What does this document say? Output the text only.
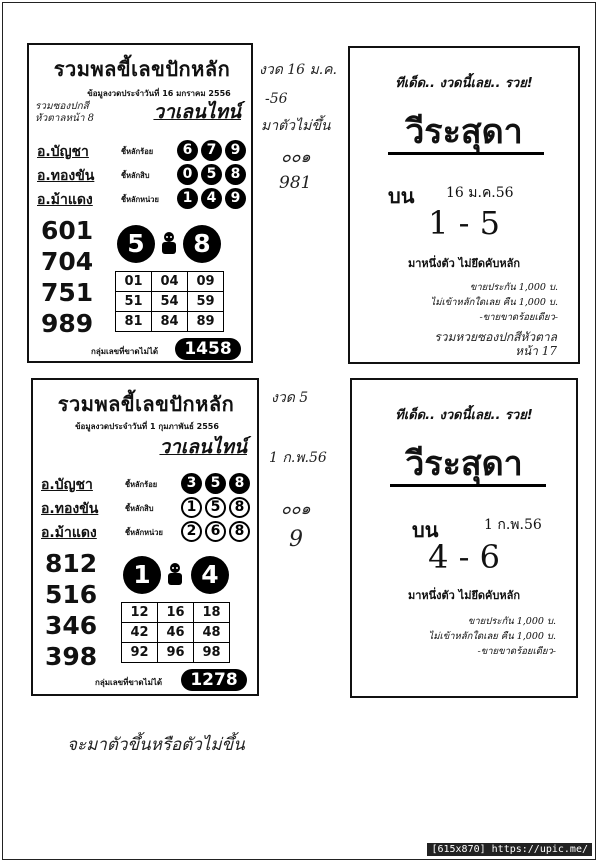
รวมพลขี้เลขปักหลัก
ข้อมูลงวดประจำวันที่ 16 มกราคม 2556
รวมซองปกสี
หัวตาลหน้า 8	วาเลนไทน์
อ.บัญชา	ชี้หลักร้อย	6	7	9
อ.ทองขัน	ชี้หลักสิบ	0	5	8
อ.ม้าแดง	ชี้หลักหน่วย	1	4	9
601
704
751
989
5	8
01	04	09
51	54	59
81	84	89
กลุ่มเลขที่ขาดไม่ได้	1458
รวมพลขี้เลขปักหลัก
ข้อมูลงวดประจำวันที่ 1 กุมภาพันธ์ 2556
วาเลนไทน์
อ.บัญชา	ชี้หลักร้อย	3	5	8
อ.ทองขัน	ชี้หลักสิบ	1	5	8
อ.ม้าแดง	ชี้หลักหน่วย	2	6	8
812
516
346
398
1	4
12	16	18
42	46	48
92	96	98
กลุ่มเลขที่ขาดไม่ได้	1278
ทีเด็ด.. งวดนี้เลย.. รวย!
วีระสุดา
บน 16 ม.ค.56
1 - 5
มาหนึ่งตัว ไม่ยึดคับหลัก
ขายประกัน 1,000 บ.
ไม่เข้าหลักใดเลย คืน 1,000 บ.
-ขายขาดร้อยเดียว-
รวมหวยซองปกสีหัวตาล
หน้า 17
ทีเด็ด.. งวดนี้เลย.. รวย!
วีระสุดา
บน	1 ก.พ.56
4 - 6
มาหนึ่งตัว ไม่ยึดคับหลัก
ขายประกัน 1,000 บ.
ไม่เข้าหลักใดเลย คืน 1,000 บ.
-ขายขาดร้อยเดียว-
งวด 16 ม.ค.
-56
มาตัวไม่ขึ้น
๐๐๑
981
งวด 5
1 ก.พ.56
๐๐๑
9
จะมาตัวขึ้นหรือตัวไม่ขึ้น
[615x870] https://upic.me/
